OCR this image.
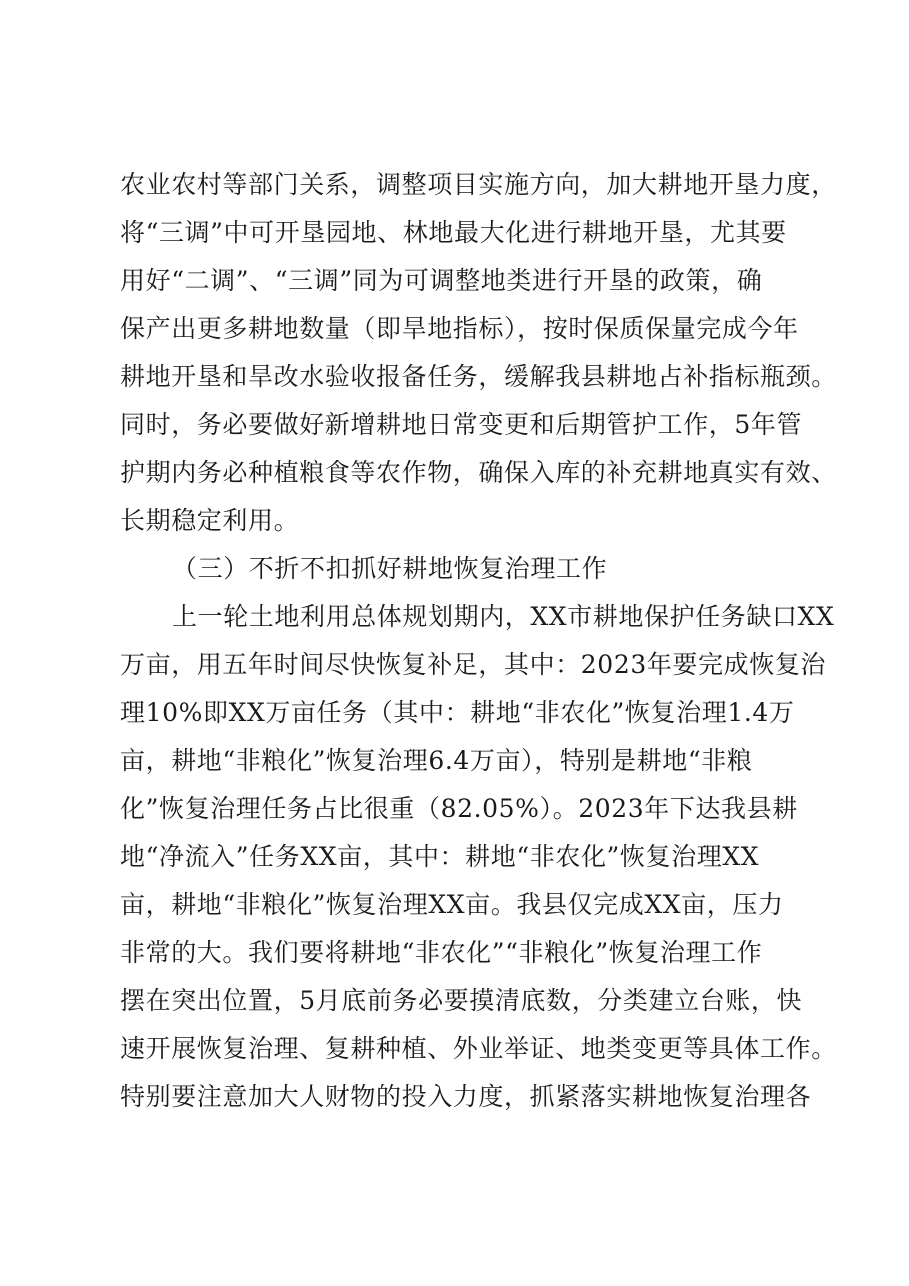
农业农村等部门关系，调整项目实施方向，加大耕地开垦力度，
将“三调”中可开垦园地、林地最大化进行耕地开垦，尤其要
用好“二调”、“三调”同为可调整地类进行开垦的政策，确
保产出更多耕地数量（即旱地指标），按时保质保量完成今年
耕地开垦和旱改水验收报备任务，缓解我县耕地占补指标瓶颈。
同时，务必要做好新增耕地日常变更和后期管护工作，5年管
护期内务必种植粮食等农作物，确保入库的补充耕地真实有效、
长期稳定利用。
（三）不折不扣抓好耕地恢复治理工作
上一轮土地利用总体规划期内，XX市耕地保护任务缺口XX
万亩，用五年时间尽快恢复补足，其中：2023年要完成恢复治
理10%即XX万亩任务（其中：耕地“非农化”恢复治理1.4万
亩，耕地“非粮化”恢复治理6.4万亩），特别是耕地“非粮
化”恢复治理任务占比很重（82.05%）。2023年下达我县耕
地“净流入”任务XX亩，其中：耕地“非农化”恢复治理XX
亩，耕地“非粮化”恢复治理XX亩。我县仅完成XX亩，压力
非常的大。我们要将耕地“非农化”“非粮化”恢复治理工作
摆在突出位置，5月底前务必要摸清底数，分类建立台账，快
速开展恢复治理、复耕种植、外业举证、地类变更等具体工作。
特别要注意加大人财物的投入力度，抓紧落实耕地恢复治理各
